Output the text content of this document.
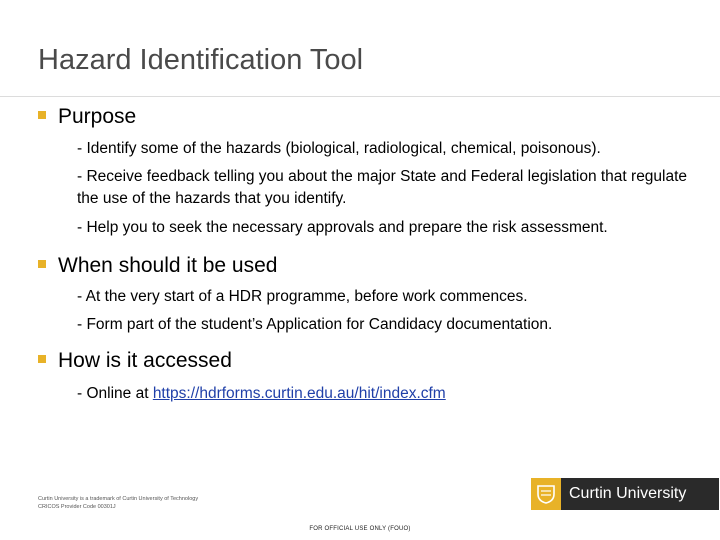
Hazard Identification Tool
Purpose
- Identify some of the hazards (biological, radiological, chemical, poisonous).
- Receive feedback telling you about the major State and Federal legislation that regulate the use of the hazards that you identify.
- Help you to seek the necessary approvals and prepare the risk assessment.
When should it be used
- At the very start of a HDR programme, before work commences.
- Form part of the student’s Application for Candidacy documentation.
How is it accessed
- Online at https://hdrforms.curtin.edu.au/hit/index.cfm
Curtin University is a trademark of Curtin University of Technology
CRICOS Provider Code 00301J
Curtin University
FOR OFFICIAL USE ONLY (FOUO)
